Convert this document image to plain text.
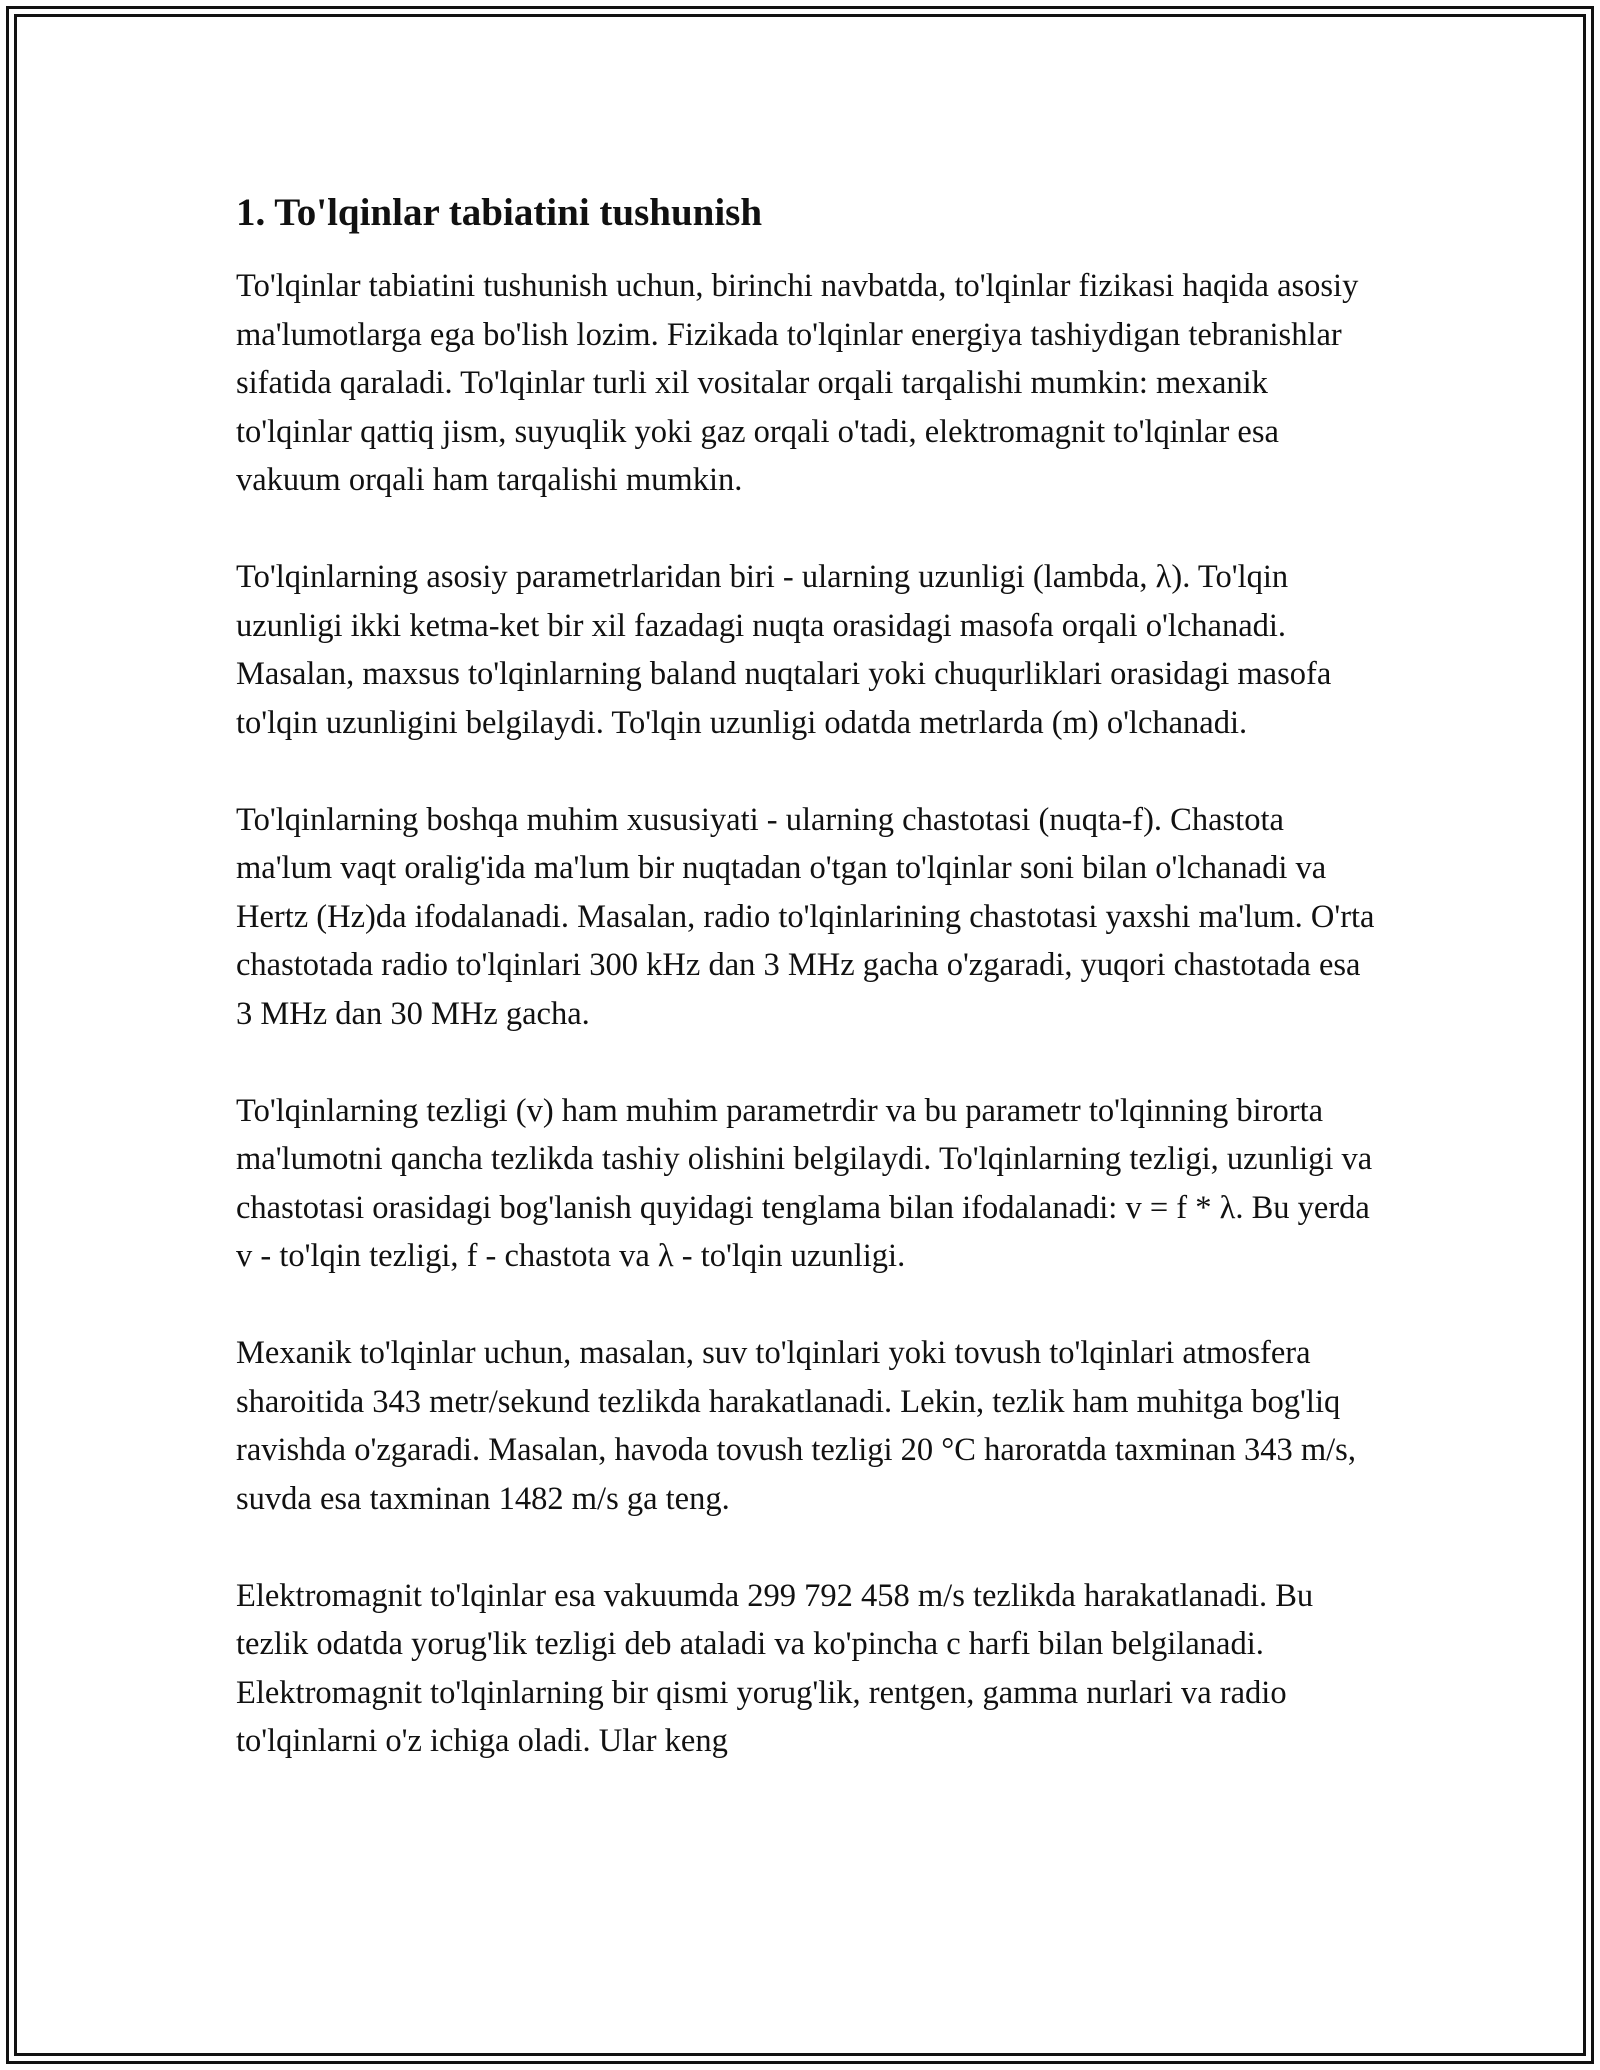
1. To'lqinlar tabiatini tushunish

To'lqinlar tabiatini tushunish uchun, birinchi navbatda, to'lqinlar fizikasi haqida asosiy ma'lumotlarga ega bo'lish lozim. Fizikada to'lqinlar energiya tashiydigan tebranishlar sifatida qaraladi. To'lqinlar turli xil vositalar orqali tarqalishi mumkin: mexanik to'lqinlar qattiq jism, suyuqlik yoki gaz orqali o'tadi, elektromagnit to'lqinlar esa vakuum orqali ham tarqalishi mumkin.

To'lqinlarning asosiy parametrlaridan biri - ularning uzunligi (lambda, λ). To'lqin uzunligi ikki ketma-ket bir xil fazadagi nuqta orasidagi masofa orqali o'lchanadi. Masalan, maxsus to'lqinlarning baland nuqtalari yoki chuqurliklari orasidagi masofa to'lqin uzunligini belgilaydi. To'lqin uzunligi odatda metrlarda (m) o'lchanadi.

To'lqinlarning boshqa muhim xususiyati - ularning chastotasi (nuqta-f). Chastota ma'lum vaqt oralig'ida ma'lum bir nuqtadan o'tgan to'lqinlar soni bilan o'lchanadi va Hertz (Hz)da ifodalanadi. Masalan, radio to'lqinlarining chastotasi yaxshi ma'lum. O'rta chastotada radio to'lqinlari 300 kHz dan 3 MHz gacha o'zgaradi, yuqori chastotada esa 3 MHz dan 30 MHz gacha.

To'lqinlarning tezligi (v) ham muhim parametrdir va bu parametr to'lqinning birorta ma'lumotni qancha tezlikda tashiy olishini belgilaydi. To'lqinlarning tezligi, uzunligi va chastotasi orasidagi bog'lanish quyidagi tenglama bilan ifodalanadi: v = f * λ. Bu yerda v - to'lqin tezligi, f - chastota va λ - to'lqin uzunligi.

Mexanik to'lqinlar uchun, masalan, suv to'lqinlari yoki tovush to'lqinlari atmosfera sharoitida 343 metr/sekund tezlikda harakatlanadi. Lekin, tezlik ham muhitga bog'liq ravishda o'zgaradi. Masalan, havoda tovush tezligi 20 °C haroratda taxminan 343 m/s, suvda esa taxminan 1482 m/s ga teng.

Elektromagnit to'lqinlar esa vakuumda 299 792 458 m/s tezlikda harakatlanadi. Bu tezlik odatda yorug'lik tezligi deb ataladi va ko'pincha c harfi bilan belgilanadi. Elektromagnit to'lqinlarning bir qismi yorug'lik, rentgen, gamma nurlari va radio to'lqinlarni o'z ichiga oladi. Ular keng
